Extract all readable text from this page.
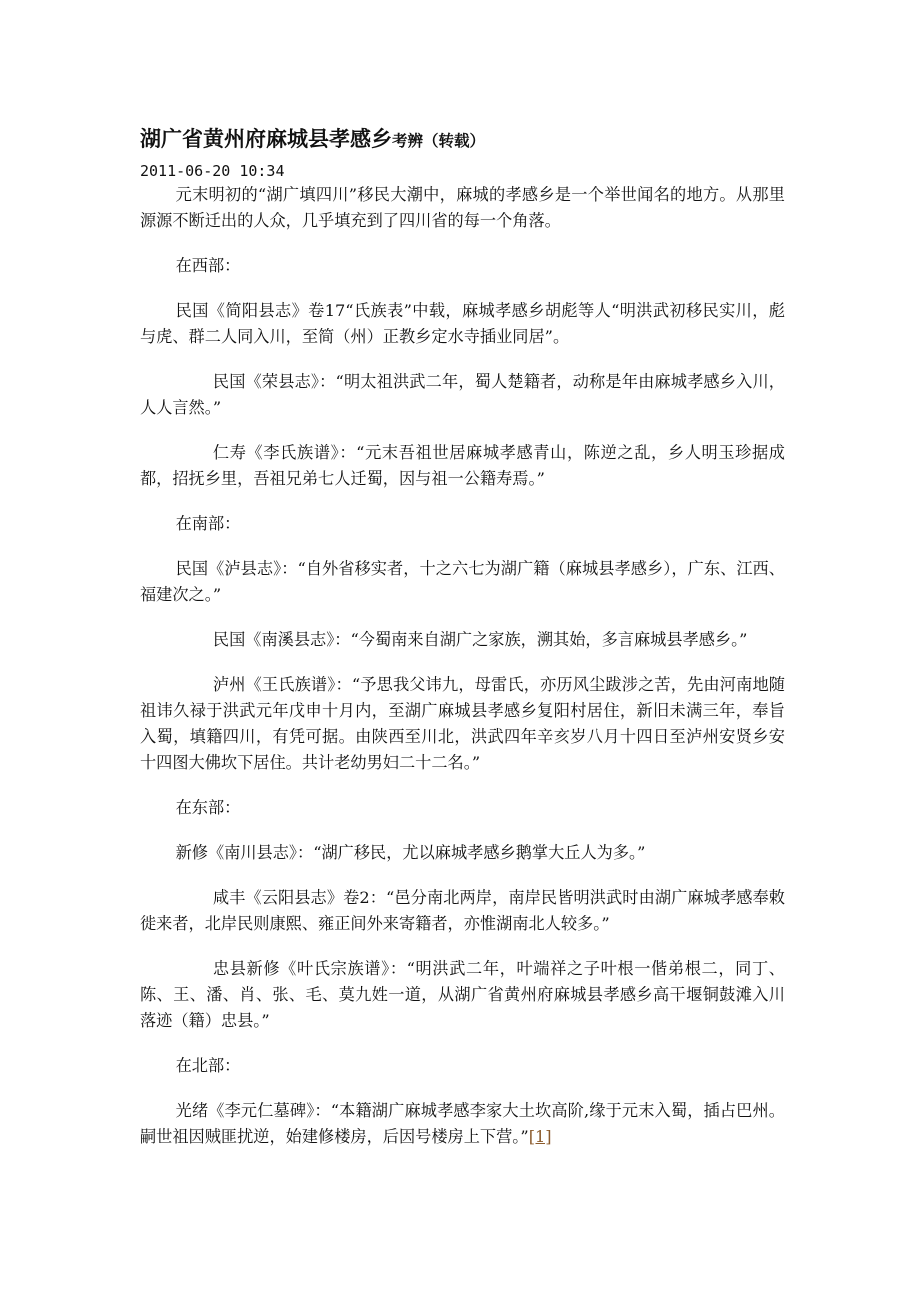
湖广省黄州府麻城县孝感乡考辨（转载）
2011-06-20 10:34

元末明初的“湖广填四川”移民大潮中，麻城的孝感乡是一个举世闻名的地方。从那里源源不断迁出的人众，几乎填充到了四川省的每一个角落。

在西部：

民国《简阳县志》卷17“氏族表”中载，麻城孝感乡胡彪等人“明洪武初移民实川，彪与虎、群二人同入川，至简（州）正教乡定水寺插业同居”。

民国《荣县志》：“明太祖洪武二年，蜀人楚籍者，动称是年由麻城孝感乡入川，人人言然。”

仁寿《李氏族谱》：“元末吾祖世居麻城孝感青山，陈逆之乱，乡人明玉珍据成都，招抚乡里，吾祖兄弟七人迁蜀，因与祖一公籍寿焉。”

在南部：

民国《泸县志》：“自外省移实者，十之六七为湖广籍（麻城县孝感乡），广东、江西、福建次之。”

民国《南溪县志》：“今蜀南来自湖广之家族，溯其始，多言麻城县孝感乡。”

泸州《王氏族谱》：“予思我父讳九，母雷氏，亦历风尘跋涉之苦，先由河南地随祖讳久禄于洪武元年戊申十月内，至湖广麻城县孝感乡复阳村居住，新旧未满三年，奉旨入蜀，填籍四川，有凭可据。由陕西至川北，洪武四年辛亥岁八月十四日至泸州安贤乡安十四图大佛坎下居住。共计老幼男妇二十二名。”

在东部：

新修《南川县志》：“湖广移民，尤以麻城孝感乡鹅掌大丘人为多。”

咸丰《云阳县志》卷2：“邑分南北两岸，南岸民皆明洪武时由湖广麻城孝感奉敕徙来者，北岸民则康熙、雍正间外来寄籍者，亦惟湖南北人较多。”

忠县新修《叶氏宗族谱》：“明洪武二年，叶端祥之子叶根一偕弟根二，同丁、陈、王、潘、肖、张、毛、莫九姓一道，从湖广省黄州府麻城县孝感乡高干堰铜鼓滩入川落迹（籍）忠县。”

在北部：

光绪《李元仁墓碑》：“本籍湖广麻城孝感李家大土坎高阶,缘于元末入蜀，插占巴州。嗣世祖因贼匪扰逆，始建修楼房，后因号楼房上下营。”[1]
